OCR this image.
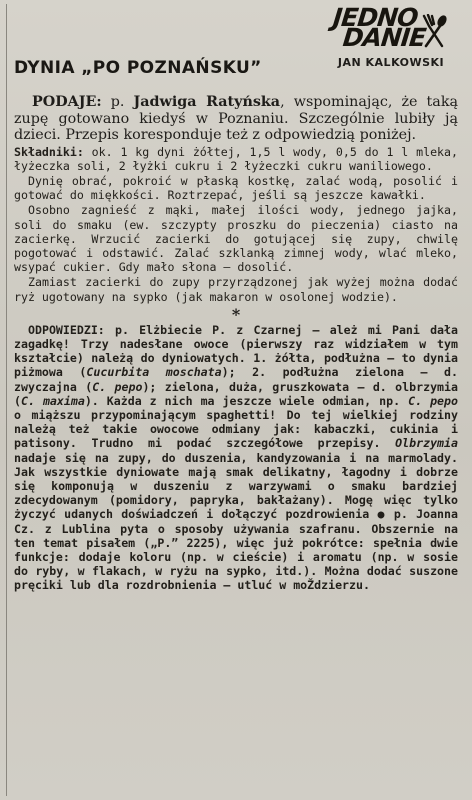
JEDNO
DANIE
JAN KALKOWSKI
DYNIA „PO POZNAŃSKU”

PODAJE: p. Jadwiga Ratyńska, wspominając, że taką zupę gotowano kiedyś w Poznaniu. Szczególnie lubiły ją dzieci. Przepis koresponduje też z odpowiedzią poniżej.

Składniki: ok. 1 kg dyni żółtej, 1,5 l wody, 0,5 do 1 l mleka, łyżeczka soli, 2 łyżki cukru i 2 łyżeczki cukru waniliowego.

Dynię obrać, pokroić w płaską kostkę, zalać wodą, posolić i gotować do miękkości. Roztrzepać, jeśli są jeszcze kawałki.

Osobno zagnieść z mąki, małej ilości wody, jednego jajka, soli do smaku (ew. szczypty proszku do pieczenia) ciasto na zacierkę. Wrzucić zacierki do gotującej się zupy, chwilę pogotować i odstawić. Zalać szklanką zimnej wody, wlać mleko, wsypać cukier. Gdy mało słona — dosolić.

Zamiast zacierki do zupy przyrządzonej jak wyżej można dodać ryż ugotowany na sypko (jak makaron w osolonej wodzie).

*

ODPOWIEDZI: p. Elżbiecie P. z Czarnej — ależ mi Pani dała zagadkę! Trzy nadesłane owoce (pierwszy raz widziałem w tym kształcie) należą do dyniowatych. 1. żółta, podłużna — to dynia piżmowa (Cucurbita moschata); 2. podłużna zielona — d. zwyczajna (C. pepo); zielona, duża, gruszkowata — d. olbrzymia (C. maxima). Każda z nich ma jeszcze wiele odmian, np. C. pepo o miąższu przypominającym spaghetti! Do tej wielkiej rodziny należą też takie owocowe odmiany jak: kabaczki, cukinia i patisony. Trudno mi podać szczegółowe przepisy. Olbrzymia nadaje się na zupy, do duszenia, kandyzowania i na marmolady. Jak wszystkie dyniowate mają smak delikatny, łagodny i dobrze się komponują w duszeniu z warzywami o smaku bardziej zdecydowanym (pomidory, papryka, bakłażany). Mogę więc tylko życzyć udanych doświadczeń i dołączyć pozdrowienia ● p. Joanna Cz. z Lublina pyta o sposoby używania szafranu. Obszernie na ten temat pisałem („P.” 2225), więc już pokrótce: spełnia dwie funkcje: dodaje koloru (np. w cieście) i aromatu (np. w sosie do ryby, w flakach, w ryżu na sypko, itd.). Można dodać suszone pręciki lub dla rozdrobnienia — utluć w moŽdzierzu.
